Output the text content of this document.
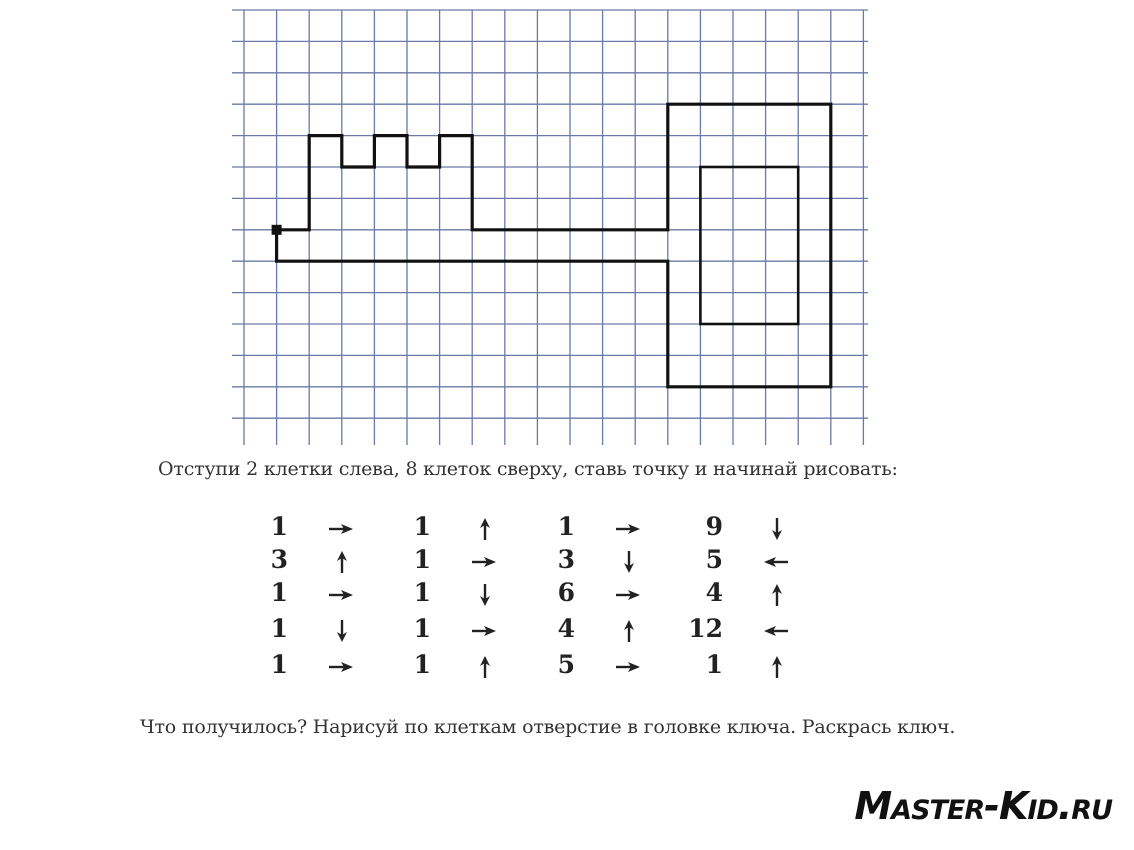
Отступи 2 клетки слева, 8 клеток сверху, ставь точку и начинай рисовать:
1
3
1
1
1
1
1
1
1
1
1
3
6
4
5
9
5
4
12
1
Что получилось? Нарисуй по клеткам отверстие в головке ключа. Раскрась ключ.
Master-Kid.ru
